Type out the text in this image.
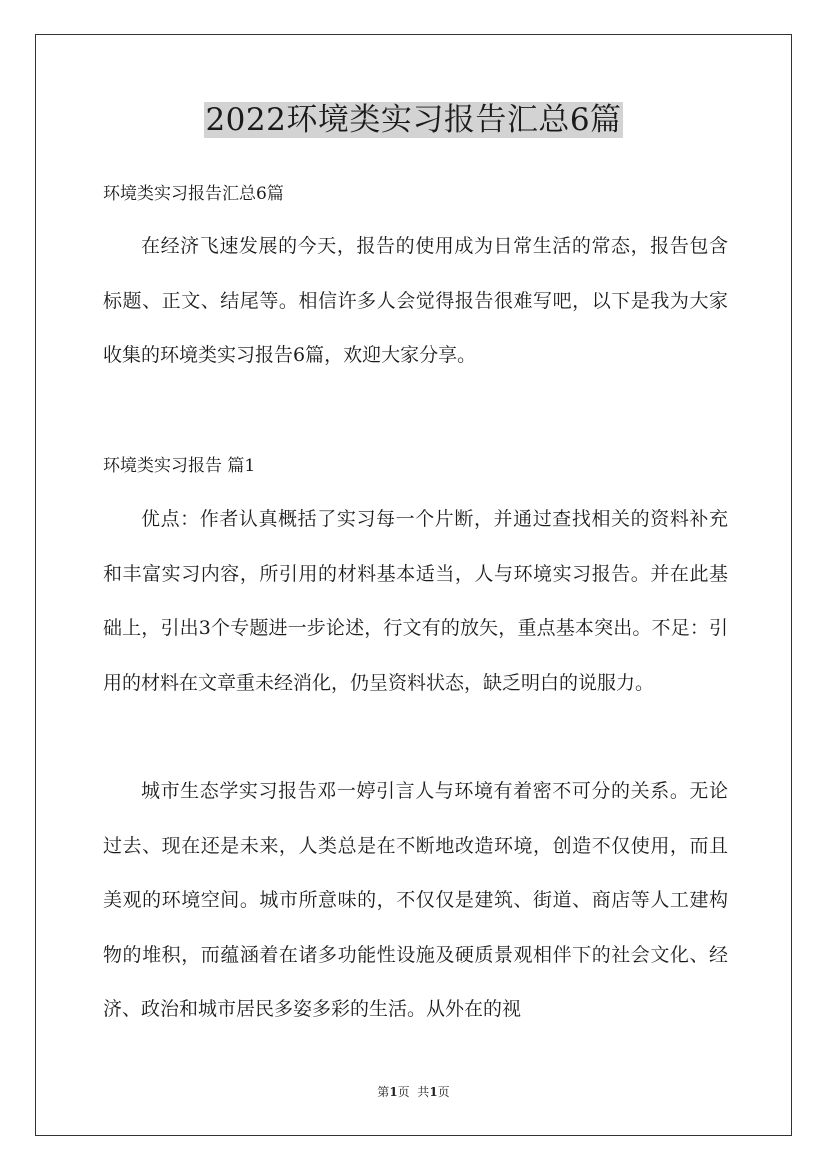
2022环境类实习报告汇总6篇
环境类实习报告汇总6篇

在经济飞速发展的今天，报告的使用成为日常生活的常态，报告包含标题、正文、结尾等。相信许多人会觉得报告很难写吧，以下是我为大家收集的环境类实习报告6篇，欢迎大家分享。

环境类实习报告 篇1

优点：作者认真概括了实习每一个片断，并通过查找相关的资料补充和丰富实习内容，所引用的材料基本适当，人与环境实习报告。并在此基础上，引出3个专题进一步论述，行文有的放矢，重点基本突出。不足：引用的材料在文章重未经消化，仍呈资料状态，缺乏明白的说服力。

城市生态学实习报告邓一婷引言人与环境有着密不可分的关系。无论过去、现在还是未来，人类总是在不断地改造环境，创造不仅使用，而且美观的环境空间。城市所意味的，不仅仅是建筑、街道、商店等人工建构物的堆积，而蕴涵着在诸多功能性设施及硬质景观相伴下的社会文化、经济、政治和城市居民多姿多彩的生活。从外在的视

第1页  共1页
